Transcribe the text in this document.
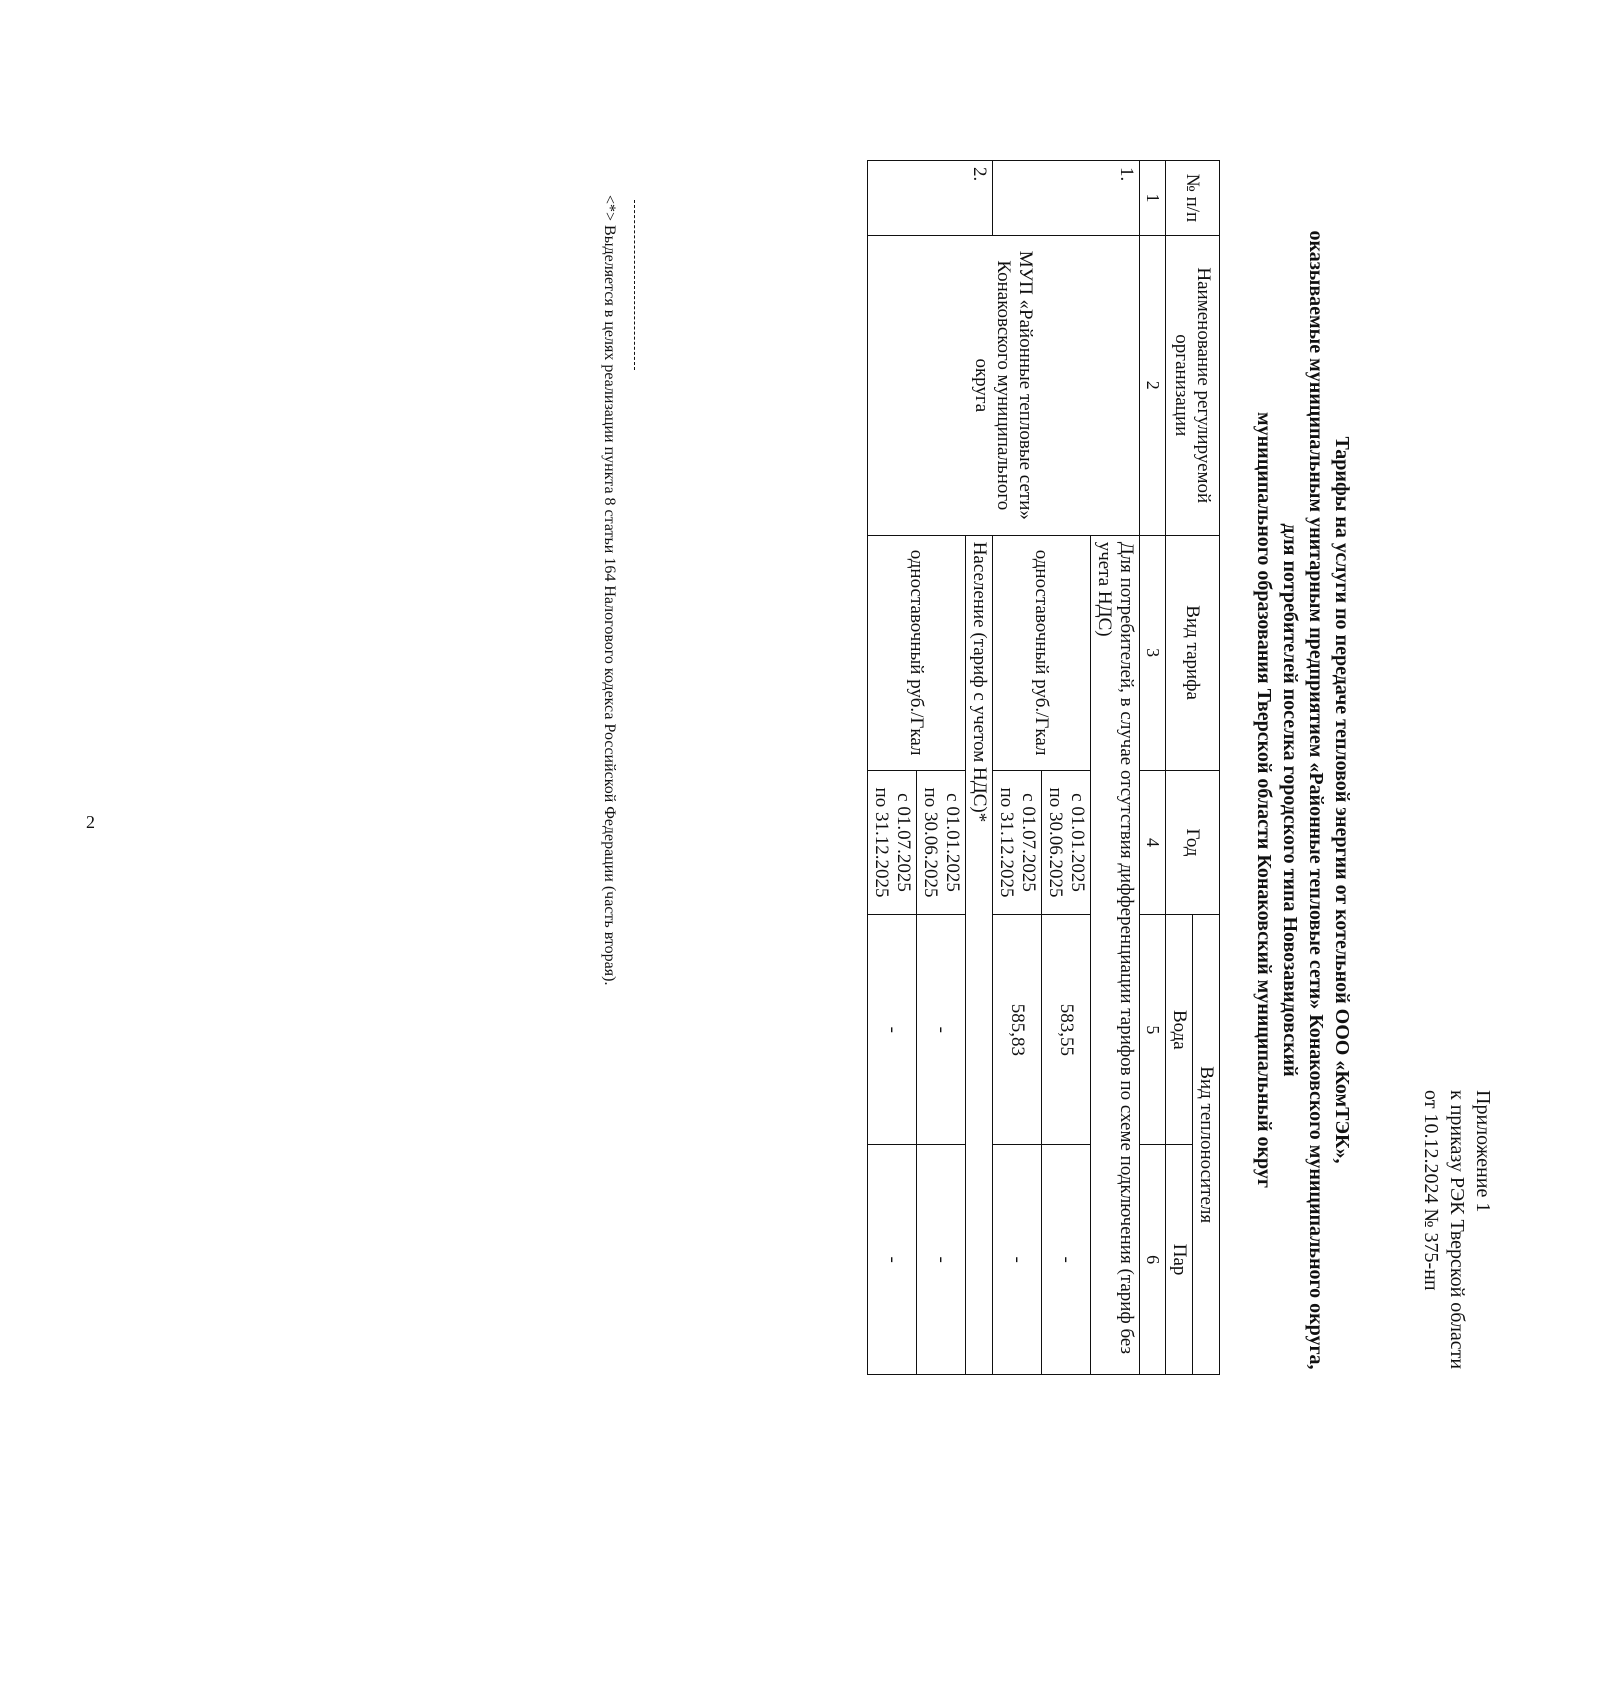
2
Приложение 1
к приказу РЭК Тверской области
от 10.12.2024 № 375-нп
Тарифы на услуги по передаче тепловой энергии от котельной ООО «КомТЭК»,
оказываемые муниципальным унитарным предприятием «Районные тепловые сети» Конаковского муниципального округа,
для потребителей поселка городского типа Новозавидовский
муниципального образования Тверской области Конаковский муниципальный округ
№ п/п	Наименование регулируемой организации	Вид тарифа	Год	Вид теплоносителя	
				Вода	Пар
1	2	3	4	5	6
1.	МУП «Районные тепловые сети» Конаковского муниципального округа	Для потребителей, в случае отсутствия дифференциации тарифов по схеме подключения (тариф без учета НДС)			
		одноставочный руб./Гкал	с 01.01.2025
по 30.06.2025	583,55	-

			с 01.07.2025
по 31.12.2025	585,83	-
2.		Население (тариф с учетом НДС)*			
		одноставочный руб./Гкал	с 01.01.2025
по 30.06.2025	-	-

			с 01.07.2025
по 31.12.2025	-	-
<*> Выделяется в целях реализации пункта 8 статьи 164 Налогового кодекса Российской Федерации (часть вторая).
